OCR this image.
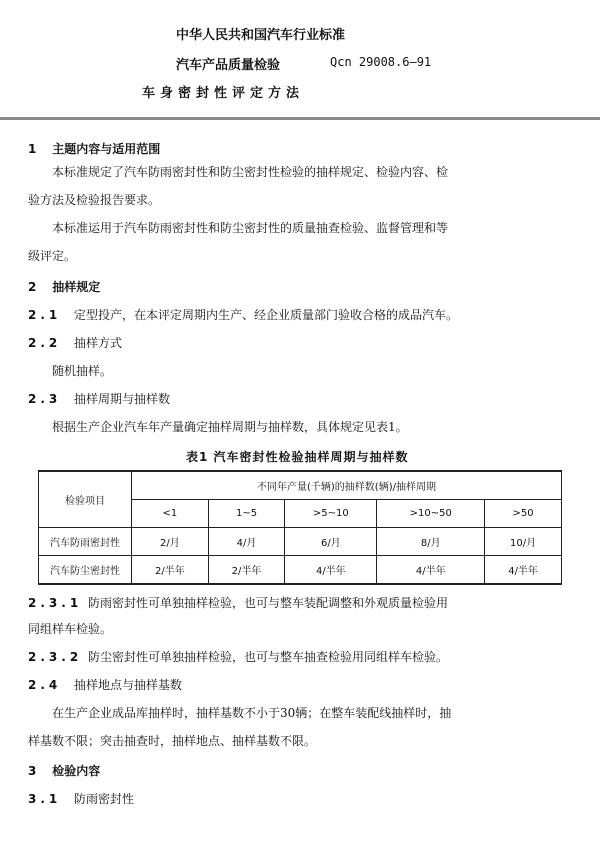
中华人民共和国汽车行业标准
汽车产品质量检验	Qcn 29008.6—91
车身密封性评定方法
1 主题内容与适用范围
本标准规定了汽车防雨密封性和防尘密封性检验的抽样规定、检验内容、检验方法及检验报告要求。
本标准运用于汽车防雨密封性和防尘密封性的质量抽查检验、监督管理和等级评定。
2 抽样规定
2.1 定型投产，在本评定周期内生产、经企业质量部门验收合格的成品汽车。
2.2 抽样方式
随机抽样。
2.3 抽样周期与抽样数
根据生产企业汽车年产量确定抽样周期与抽样数，具体规定见表1。
表1 汽车密封性检验抽样周期与抽样数
检验项目	不同年产量(千辆)的抽样数(辆)/抽样周期				
	<1	1~5	>5~10	>10~50	>50
汽车防雨密封性	2/月	4/月	6/月	8/月	10/月
汽车防尘密封性	2/半年	2/半年	4/半年	4/半年	4/半年
2.3.1 防雨密封性可单独抽样检验，也可与整车装配调整和外观质量检验用
同组样车检验。
2.3.2 防尘密封性可单独抽样检验，也可与整车抽查检验用同组样车检验。
2.4 抽样地点与抽样基数
在生产企业成品库抽样时，抽样基数不小于30辆；在整车装配线抽样时，抽
样基数不限；突击抽查时，抽样地点、抽样基数不限。
3 检验内容
3.1 防雨密封性
